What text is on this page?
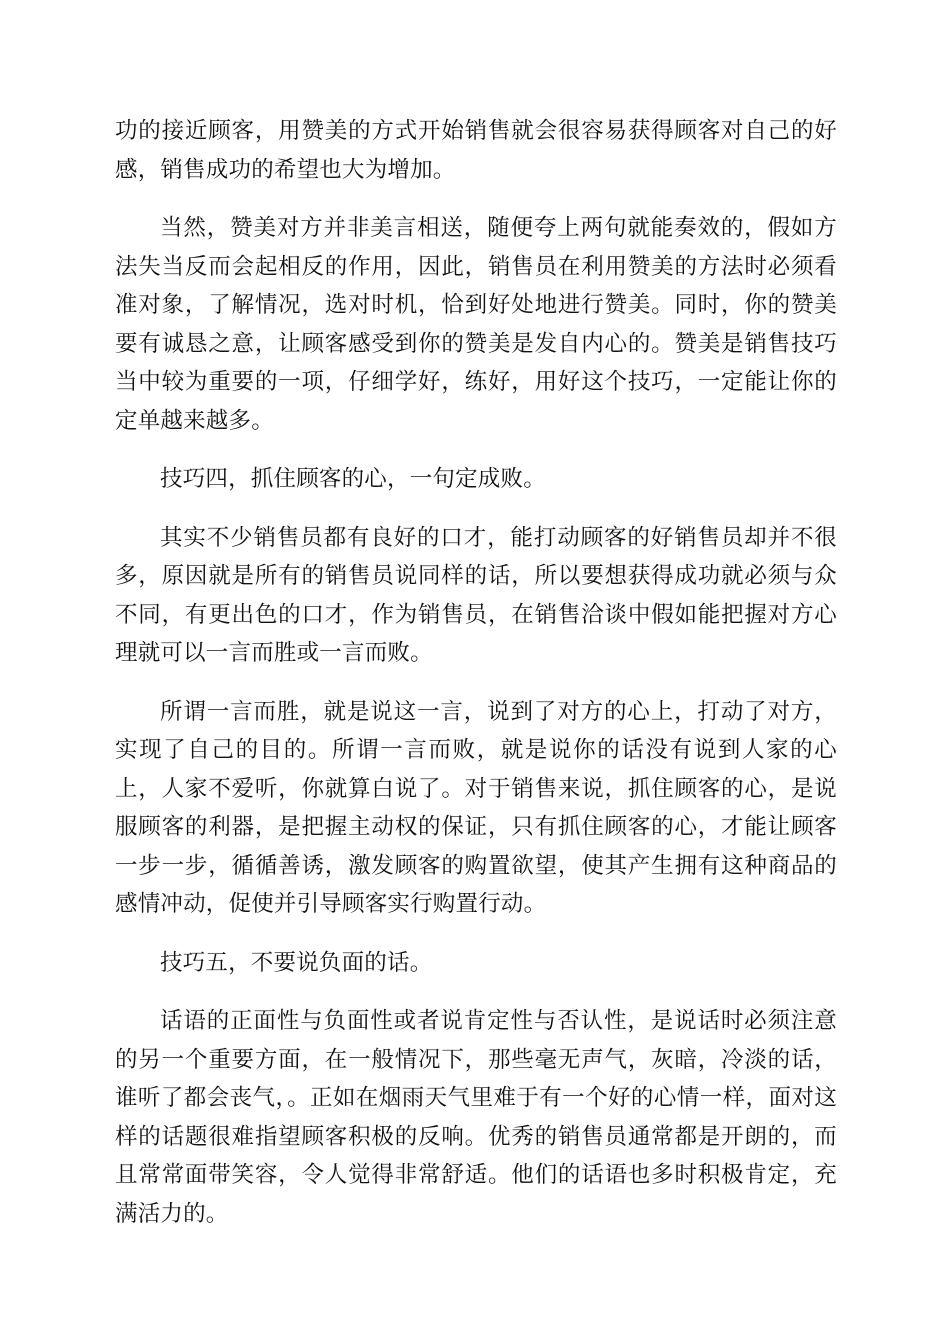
功的接近顾客，用赞美的方式开始销售就会很容易获得顾客对自己的好感，销售成功的希望也大为增加。

当然，赞美对方并非美言相送，随便夸上两句就能奏效的，假如方法失当反而会起相反的作用，因此，销售员在利用赞美的方法时必须看准对象，了解情况，选对时机，恰到好处地进行赞美。同时，你的赞美要有诚恳之意，让顾客感受到你的赞美是发自内心的。赞美是销售技巧当中较为重要的一项，仔细学好，练好，用好这个技巧，一定能让你的定单越来越多。

技巧四，抓住顾客的心，一句定成败。

其实不少销售员都有良好的口才，能打动顾客的好销售员却并不很多，原因就是所有的销售员说同样的话，所以要想获得成功就必须与众不同，有更出色的口才，作为销售员，在销售洽谈中假如能把握对方心理就可以一言而胜或一言而败。

所谓一言而胜，就是说这一言，说到了对方的心上，打动了对方，实现了自己的目的。所谓一言而败，就是说你的话没有说到人家的心上，人家不爱听，你就算白说了。对于销售来说，抓住顾客的心，是说服顾客的利器，是把握主动权的保证，只有抓住顾客的心，才能让顾客一步一步，循循善诱，激发顾客的购置欲望，使其产生拥有这种商品的感情冲动，促使并引导顾客实行购置行动。

技巧五，不要说负面的话。

话语的正面性与负面性或者说肯定性与否认性，是说话时必须注意的另一个重要方面，在一般情况下，那些毫无声气，灰暗，冷淡的话，谁听了都会丧气，。正如在烟雨天气里难于有一个好的心情一样，面对这样的话题很难指望顾客积极的反响。优秀的销售员通常都是开朗的，而且常常面带笑容，令人觉得非常舒适。他们的话语也多时积极肯定，充满活力的。
